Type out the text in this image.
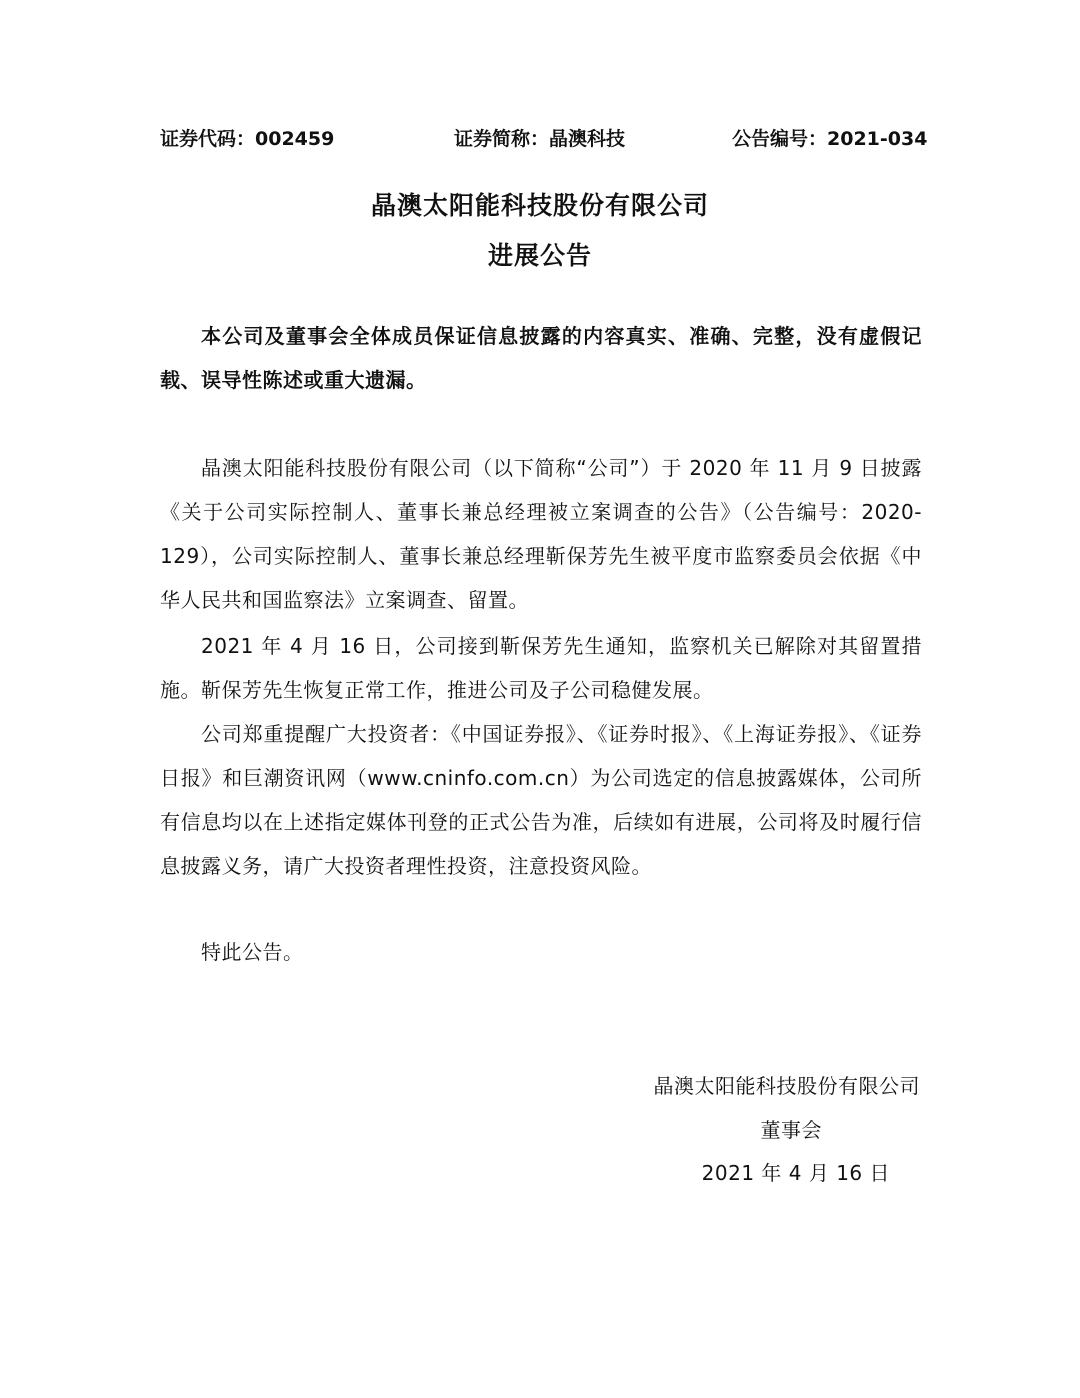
证券代码：002459	证券简称：晶澳科技	公告编号：2021-034
晶澳太阳能科技股份有限公司
进展公告
本公司及董事会全体成员保证信息披露的内容真实、准确、完整，没有虚假记载、误导性陈述或重大遗漏。
晶澳太阳能科技股份有限公司（以下简称“公司”）于 2020 年 11 月 9 日披露《关于公司实际控制人、董事长兼总经理被立案调查的公告》（公告编号：2020-129），公司实际控制人、董事长兼总经理靳保芳先生被平度市监察委员会依据《中华人民共和国监察法》立案调查、留置。
2021 年 4 月 16 日，公司接到靳保芳先生通知，监察机关已解除对其留置措施。靳保芳先生恢复正常工作，推进公司及子公司稳健发展。
公司郑重提醒广大投资者：《中国证券报》、《证券时报》、《上海证券报》、《证券日报》和巨潮资讯网（www.cninfo.com.cn）为公司选定的信息披露媒体，公司所有信息均以在上述指定媒体刊登的正式公告为准，后续如有进展，公司将及时履行信息披露义务，请广大投资者理性投资，注意投资风险。
特此公告。
晶澳太阳能科技股份有限公司
董事会
2021 年 4 月 16 日
